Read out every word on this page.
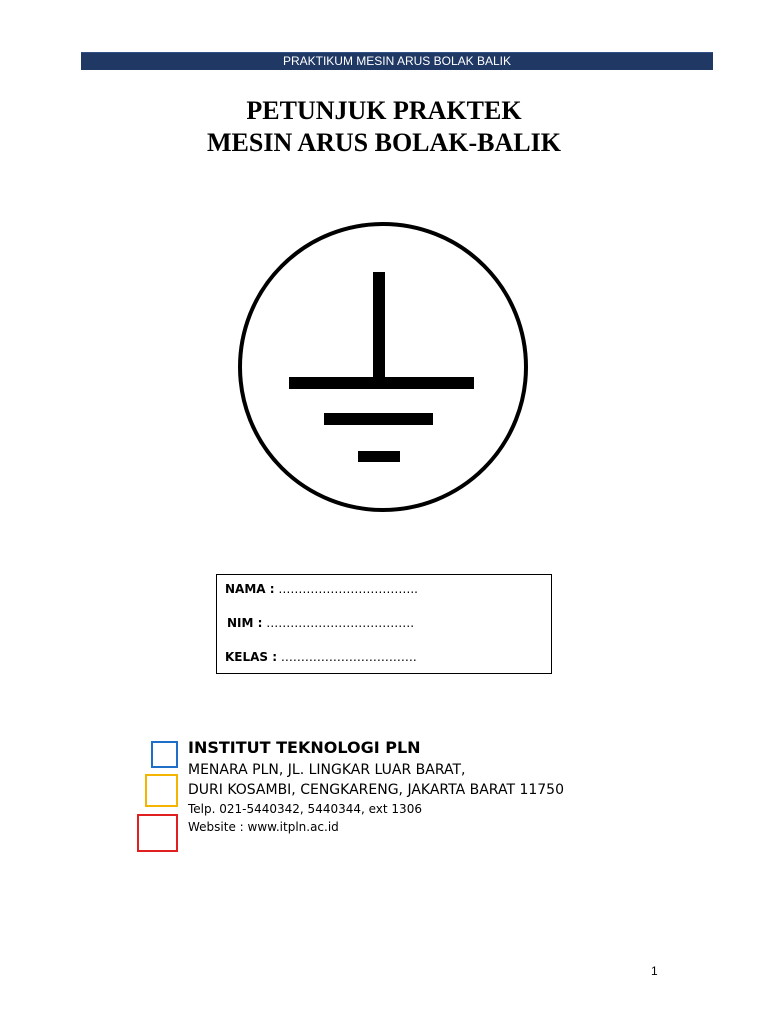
PRAKTIKUM MESIN ARUS BOLAK BALIK
PETUNJUK PRAKTEK
MESIN ARUS BOLAK-BALIK
NAMA : ……………………………..
NIM : ……………………………….
KELAS : …………………………….
INSTITUT TEKNOLOGI PLN
MENARA PLN, JL. LINGKAR LUAR BARAT,
DURI KOSAMBI, CENGKARENG, JAKARTA BARAT 11750
Telp. 021-5440342, 5440344, ext 1306
Website : www.itpln.ac.id
1
